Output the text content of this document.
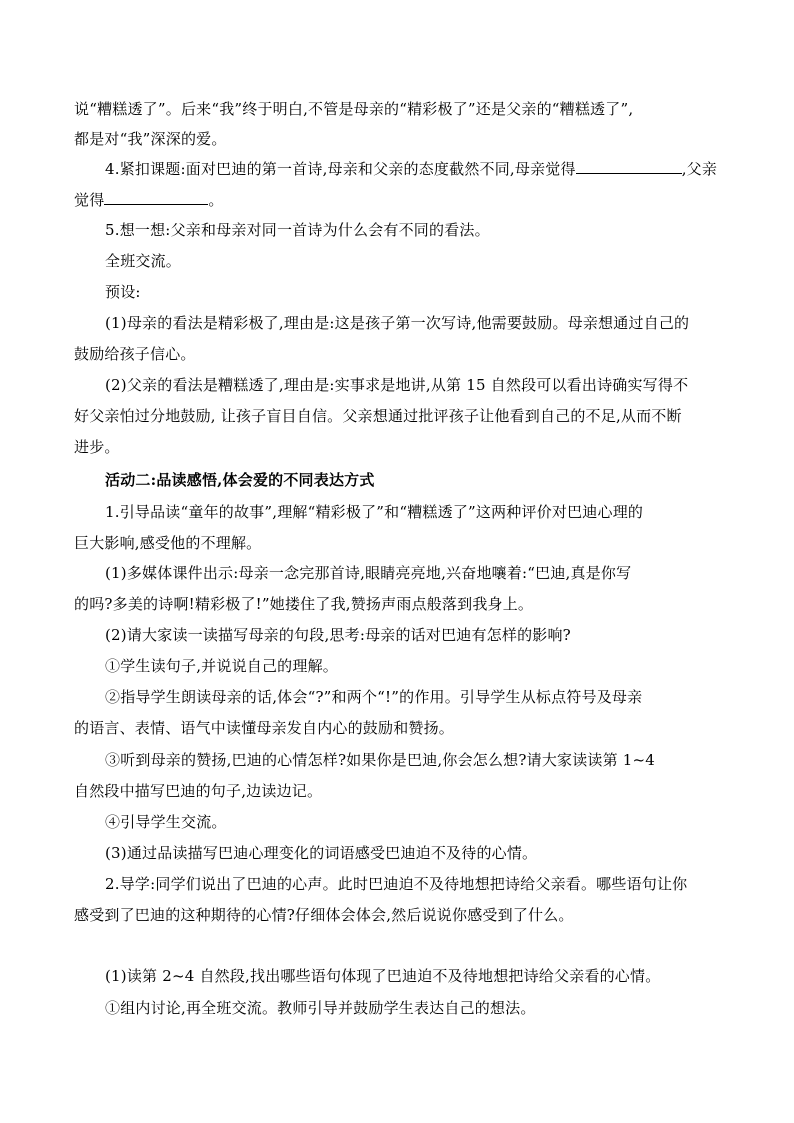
说“糟糕透了”。后来“我”终于明白,不管是母亲的“精彩极了”还是父亲的“糟糕透了”,
都是对“我”深深的爱。
4.紧扣课题:面对巴迪的第一首诗,母亲和父亲的态度截然不同,母亲觉得	,父亲
觉得	。
5.想一想:父亲和母亲对同一首诗为什么会有不同的看法。
全班交流。
预设:
(1)母亲的看法是精彩极了,理由是:这是孩子第一次写诗,他需要鼓励。母亲想通过自己的
鼓励给孩子信心。
(2)父亲的看法是糟糕透了,理由是:实事求是地讲,从第 15 自然段可以看出诗确实写得不
好父亲怕过分地鼓励, 让孩子盲目自信。父亲想通过批评孩子让他看到自己的不足,从而不断
进步。
活动二:品读感悟,体会爱的不同表达方式
1.引导品读“童年的故事”,理解“精彩极了”和“糟糕透了”这两种评价对巴迪心理的
巨大影响,感受他的不理解。
(1)多媒体课件出示:母亲一念完那首诗,眼睛亮亮地,兴奋地嚷着:“巴迪,真是你写
的吗?多美的诗啊!精彩极了!”她搂住了我,赞扬声雨点般落到我身上。
(2)请大家读一读描写母亲的句段,思考:母亲的话对巴迪有怎样的影响?
①学生读句子,并说说自己的理解。
②指导学生朗读母亲的话,体会“?”和两个“!”的作用。引导学生从标点符号及母亲
的语言、表情、语气中读懂母亲发自内心的鼓励和赞扬。
③听到母亲的赞扬,巴迪的心情怎样?如果你是巴迪,你会怎么想?请大家读读第 1~4
自然段中描写巴迪的句子,边读边记。
④引导学生交流。
(3)通过品读描写巴迪心理变化的词语感受巴迪迫不及待的心情。
2.导学:同学们说出了巴迪的心声。此时巴迪迫不及待地想把诗给父亲看。哪些语句让你
感受到了巴迪的这种期待的心情?仔细体会体会,然后说说你感受到了什么。
(1)读第 2~4 自然段,找出哪些语句体现了巴迪迫不及待地想把诗给父亲看的心情。
①组内讨论,再全班交流。教师引导并鼓励学生表达自己的想法。
